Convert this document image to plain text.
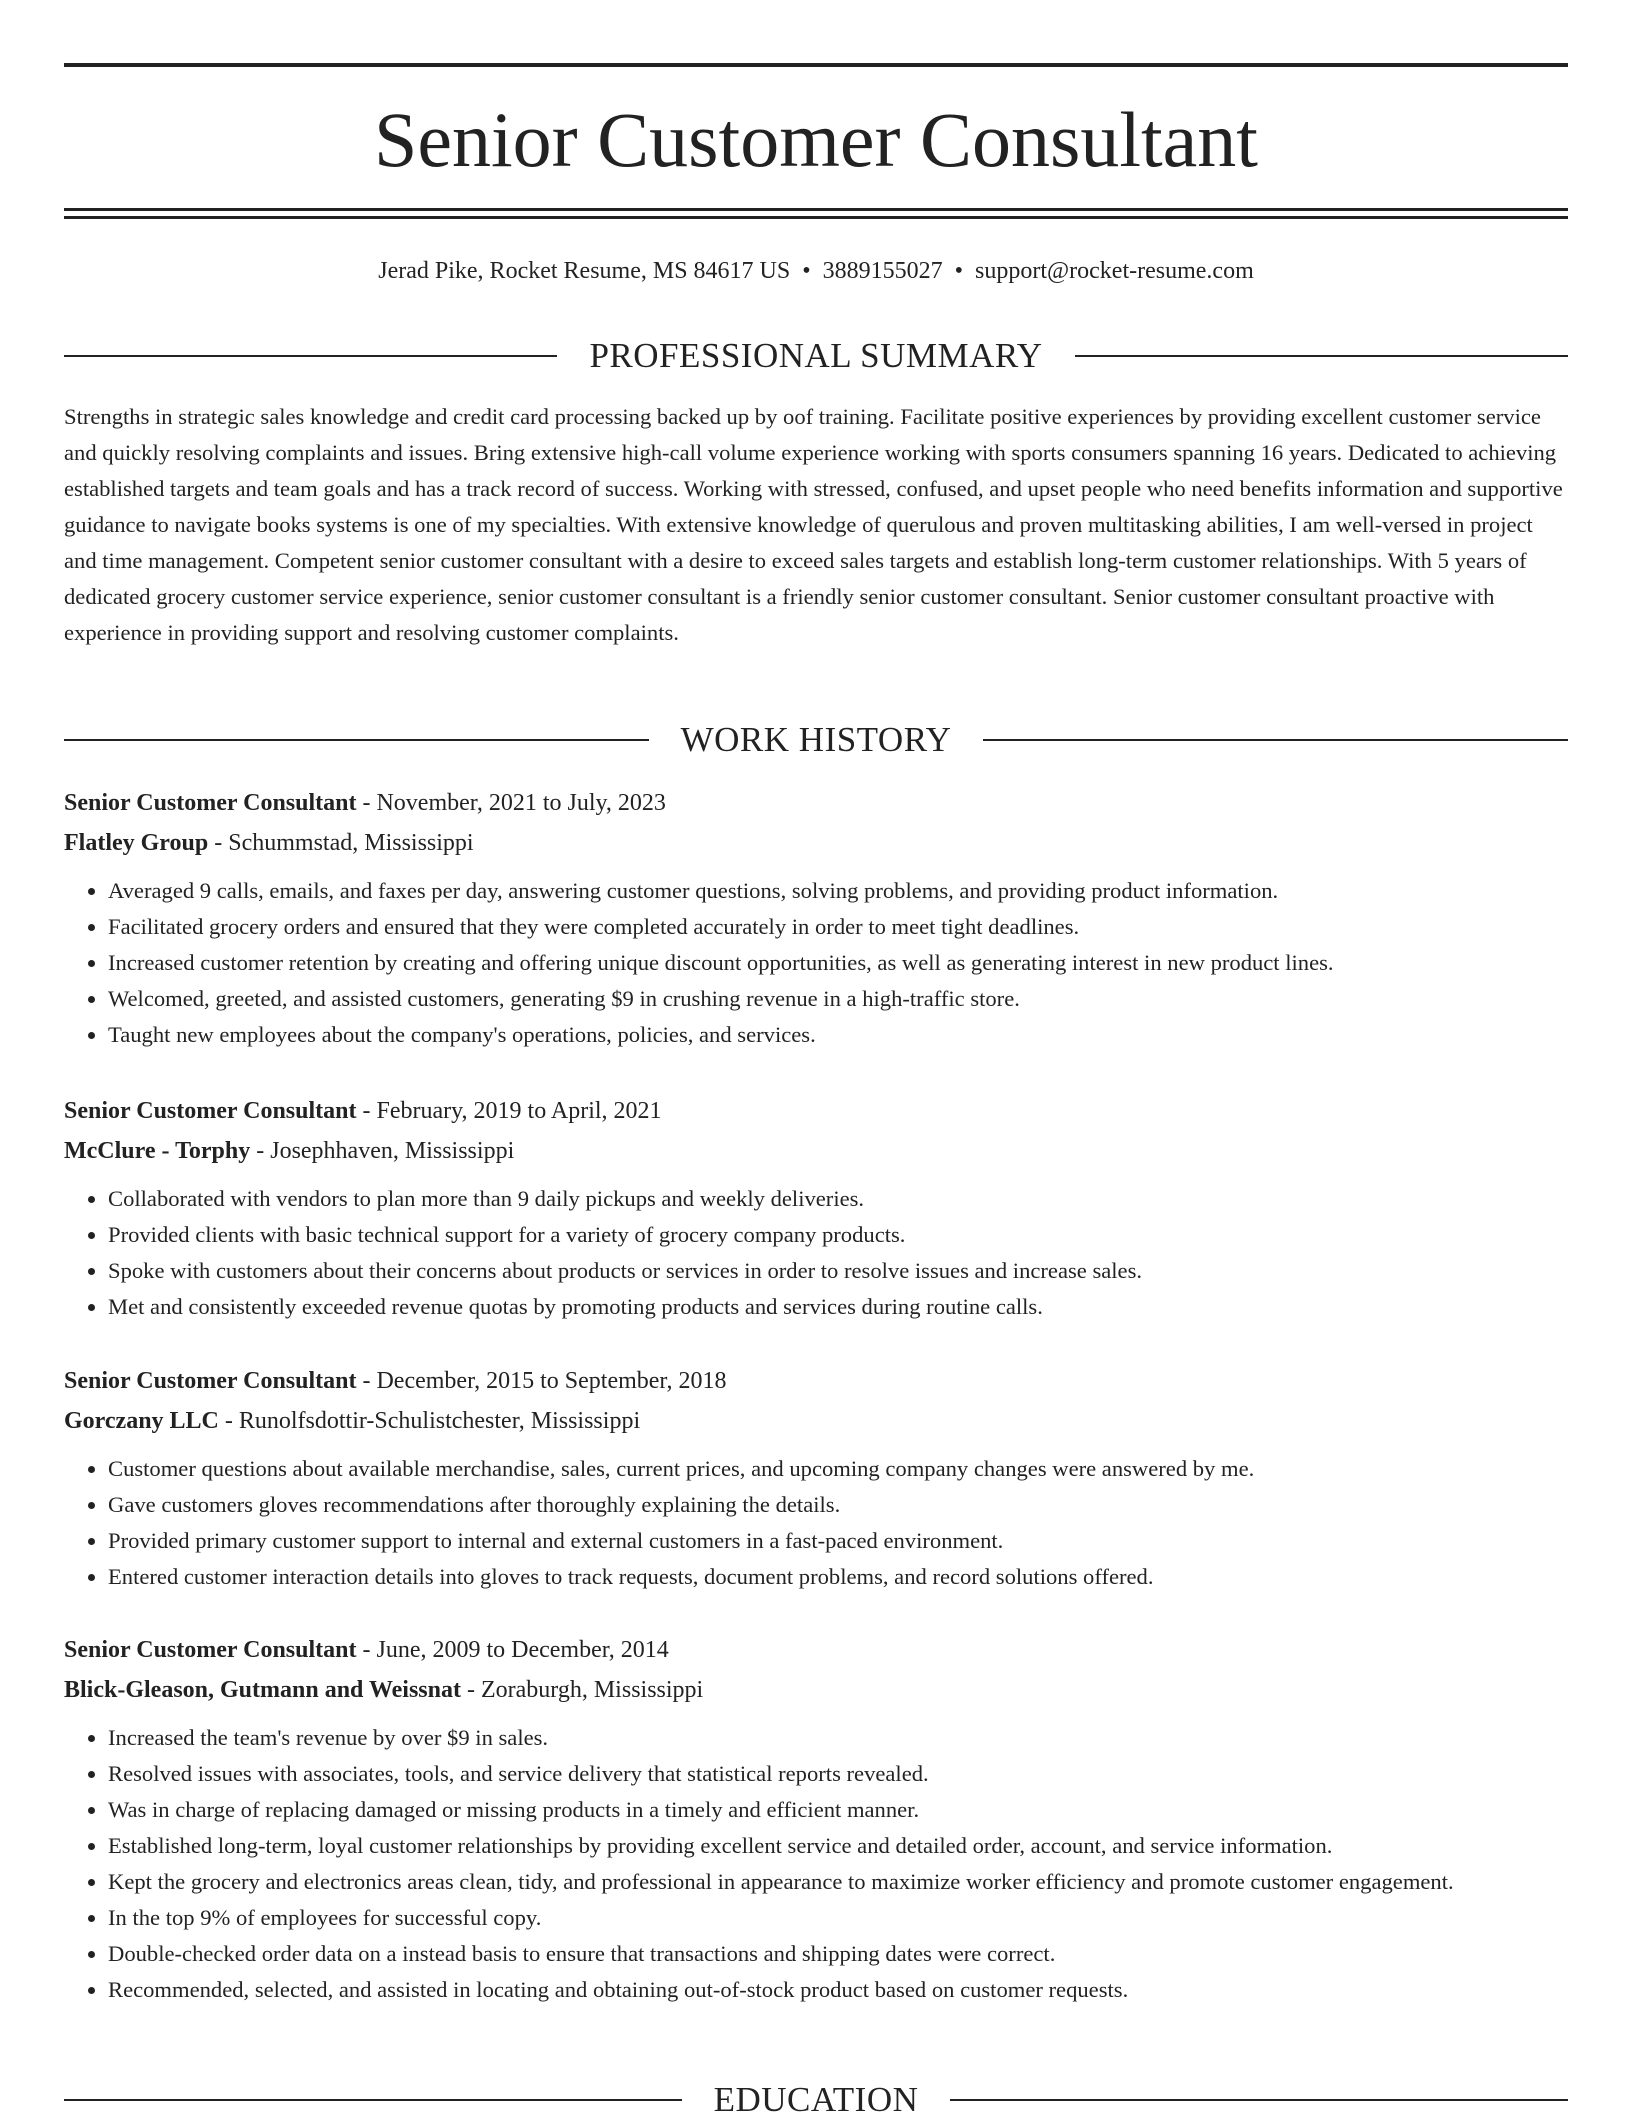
Senior Customer Consultant
Jerad Pike, Rocket Resume, MS 84617 US • 3889155027 • support@rocket-resume.com
PROFESSIONAL SUMMARY

Strengths in strategic sales knowledge and credit card processing backed up by oof training. Facilitate positive experiences by providing excellent customer service and quickly resolving complaints and issues. Bring extensive high-call volume experience working with sports consumers spanning 16 years. Dedicated to achieving established targets and team goals and has a track record of success. Working with stressed, confused, and upset people who need benefits information and supportive guidance to navigate books systems is one of my specialties. With extensive knowledge of querulous and proven multitasking abilities, I am well-versed in project and time management. Competent senior customer consultant with a desire to exceed sales targets and establish long-term customer relationships. With 5 years of dedicated grocery customer service experience, senior customer consultant is a friendly senior customer consultant. Senior customer consultant proactive with experience in providing support and resolving customer complaints.

WORK HISTORY
Senior Customer Consultant - November, 2021 to July, 2023
Flatley Group - Schummstad, Mississippi
• Averaged 9 calls, emails, and faxes per day, answering customer questions, solving problems, and providing product information.
• Facilitated grocery orders and ensured that they were completed accurately in order to meet tight deadlines.
• Increased customer retention by creating and offering unique discount opportunities, as well as generating interest in new product lines.
• Welcomed, greeted, and assisted customers, generating $9 in crushing revenue in a high-traffic store.
• Taught new employees about the company's operations, policies, and services.
Senior Customer Consultant - February, 2019 to April, 2021
McClure - Torphy - Josephhaven, Mississippi
• Collaborated with vendors to plan more than 9 daily pickups and weekly deliveries.
• Provided clients with basic technical support for a variety of grocery company products.
• Spoke with customers about their concerns about products or services in order to resolve issues and increase sales.
• Met and consistently exceeded revenue quotas by promoting products and services during routine calls.
Senior Customer Consultant - December, 2015 to September, 2018
Gorczany LLC - Runolfsdottir-Schulistchester, Mississippi
• Customer questions about available merchandise, sales, current prices, and upcoming company changes were answered by me.
• Gave customers gloves recommendations after thoroughly explaining the details.
• Provided primary customer support to internal and external customers in a fast-paced environment.
• Entered customer interaction details into gloves to track requests, document problems, and record solutions offered.
Senior Customer Consultant - June, 2009 to December, 2014
Blick-Gleason, Gutmann and Weissnat - Zoraburgh, Mississippi
• Increased the team's revenue by over $9 in sales.
• Resolved issues with associates, tools, and service delivery that statistical reports revealed.
• Was in charge of replacing damaged or missing products in a timely and efficient manner.
• Established long-term, loyal customer relationships by providing excellent service and detailed order, account, and service information.
• Kept the grocery and electronics areas clean, tidy, and professional in appearance to maximize worker efficiency and promote customer engagement.
• In the top 9% of employees for successful copy.
• Double-checked order data on a instead basis to ensure that transactions and shipping dates were correct.
• Recommended, selected, and assisted in locating and obtaining out-of-stock product based on customer requests.
EDUCATION
